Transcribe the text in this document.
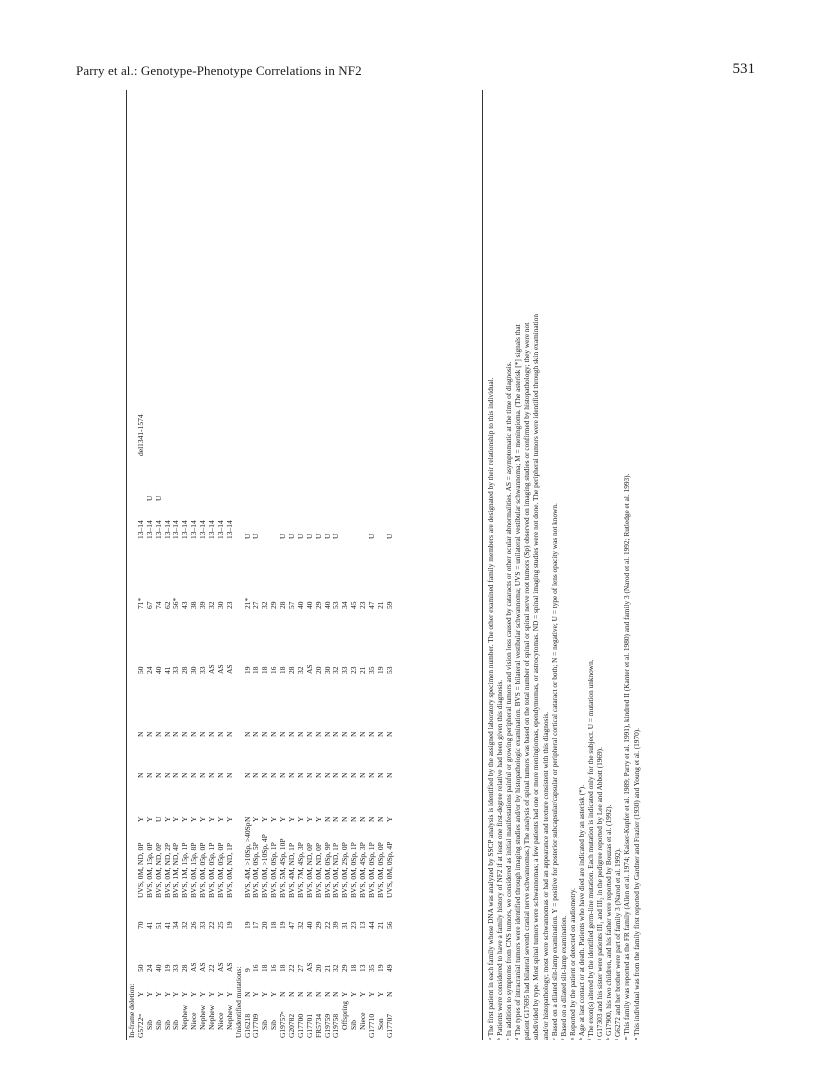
Parry et al.: Genotype-Phenotype Correlations in NF2	531
In-frame deletion: G5722ᵐ
Y
50
70
UVS, 0M, ND, 0P
Y
N
N
50
71*
13–14
del1341-1574
Sib
Y
24
41
BVS, 0M, 15p, 0P
Y
N
N
24
67
13–14
U
Sib
Y
40
51
BVS, 0M, ND, 0P
U
N
N
40
74
13–14
U
Sib
Y
19
41
BVS, 0M, ND, 2P
Y
N
N
41
62
13–14
Sib
Y
33
34
BVS, 1M, ND, 4P
Y
N
N
33
56*
13–14
Nephew
Y
28
32
BVS, 1M, 15p, 1P
Y
N
N
28
43
13–14
Niece
Y
AS
26
BVS, 0M, 15p, 8P
Y
N
N
30
38
13–14
Nephew
Y
AS
33
BVS, 0M, 05p, 0P
Y
N
N
33
39
13–14
Nephew
Y
22
22
BVS, 0M, 05p, 1P
Y
N
N
AS
32
13–14
Niece
Y
AS
25
BVS, 0M, 05p, 0P
Y
N
N
AS
30
13–14
Nephew
Y
AS
19
BVS, 0M, ND, 1P
Y
N
N
AS
23
13–14
Unidentified mutations: G16218
N
9
19
BVS, 4M, >10Sp, >40Sp
N
N
N
19
21*
U
G17709
Y
16
17
BVS, 0M, 0Sp, 5P
Y
N
N
18
27
U
Sib
Y
18
20
BVS, 0M, >10Sp, 4P
Y
N
N
18
32
Sib
Y
16
18
BVS, 0M, 0Sp, 1P
Y
N
N
16
29
G19757ⁿ
N
18
19
BVS, 5M, 4Sp, 10P
Y
N
N
18
28
U
G20782
N
22
47
BVS, 4M, ND, 1P
Y
N
N
28
57
U
G17700
N
27
32
BVS, 7M, 4Sp, 3P
Y
N
N
32
40
U
G17701
N
AS
40
BVS, 0M, ND, 0P
Y
N
N
AS
40
U
FR5734
N
20
29
BVS, 0M, ND, 0P
Y
N
N
20
29
U
G19759
N
21
22
BVS, 0M, 0Sp, 9P
N
N
N
30
40
U
G19758
N
32
39
BVS, 0M, ND, 1P
N
N
N
32
53
U
Offspring
Y
29
31
BVS, 0M, 2Sp, 0P
N
N
N
33
34
Sib
Y
18
23
BVS, 0M, 0Sp, 1P
N
N
N
23
45
Niece
Y
13
13
BVS, 0M, 4Sp, 3P
N
N
N
21
23
G17710
Y
35
44
BVS, 0M, 0Sp, 1P
N
N
N
35
47
U
Son
Y
19
21
BVS, 0M, 0Sp, 0P
N
N
N
19
21
G17707
N
49
56
UVS, 0M, 0Sp, 4P
Y
N
N
53
59
U	ᵃ The first patient in each family whose DNA was analyzed by SSCP analysis is identified by the assigned laboratory specimen number. The other examined family members are designated by their relationship to this individual. ᵇ Patients were considered to have a family history of NF2 if at least one first-degree relative had been given this diagnosis. ᶜ In addition to symptoms from CNS tumors, we considered as initial manifestations painful or growing peripheral tumors and vision loss caused by cataracts or other ocular abnormalities. AS = asymptomatic at the time of diagnosis. ᵈ The types of intracranial tumors were identified through imaging studies and/or by histopathologic examination. BVS = bilateral vestibular schwannoma; UVS = unilateral vestibular schwannoma; M = meningioma. (The asterisk [*] signals that patient G17695 had bilateral seventh cranial nerve schwannomas.) The analysis of spinal tumors was based on the total number of spinal or spinal nerve root tumors (Sp) observed on imaging studies or confirmed by histopathology; they were not subdivided by type. Most spinal tumors were schwannomas; a few patients had one or more meningiomas, ependymomas, or astrocytomas. ND = spinal imaging studies were not done. The peripheral tumors were identified through skin examination and/or histopathology; most were schwannomas or had an appearance and texture consistent with this diagnosis. ᵉ Based on a dilated slit-lamp examination. Y = positive for posterior subcapsular/capsular or peripheral cortical cataract or both; N = negative; U = type of lens opacity was not known. ᶠ Based on a dilated slit-lamp examination. ᵍ Reported by the patient or detected on audiometry. ʰ Age at last contact or at death. Patients who have died are indicated by an asterisk (*). ⁱ The exon(s) altered by the identified germ-line mutation. Each mutation is indicated only for the subject. U = mutation unknown. ʲ G17303 and his sister were patients III₁ and III₂ in the pedigree reported by Lee and Abbott (1969). ᵏ G17900, his two children, and his father were reported by Bouzas et al. (1992). ˡ G6272 and her brother were part of family 3 (Narod et al. 1992). ᵐ This family was reported as the FR family (Allen et al. 1974; Kaiser-Kupfer et al. 1989; Parry et al. 1991), kindred II (Kanter et al. 1980) and family 3 (Narod et al. 1992; Rutledge et al. 1993). ⁿ This individual was from the family first reported by Gardner and Frazier (1930) and Young et al. (1970).
